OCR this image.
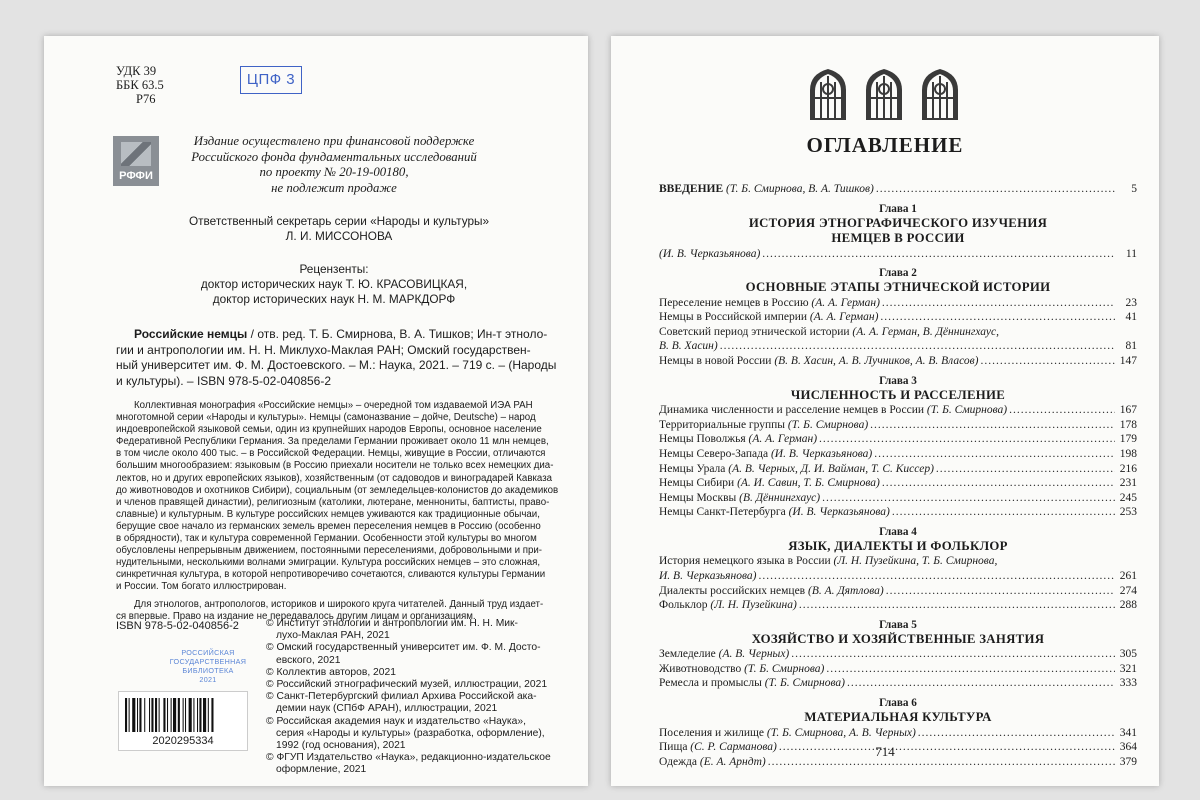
УДК 39
ББК 63.5
Р76
ЦПФ 3
РФФИ
Издание осуществлено при финансовой поддержке
Российского фонда фундаментальных исследований
по проекту № 20-19-00180,
не подлежит продаже
Ответственный секретарь серии «Народы и культуры»
Л. И. МИССОНОВА
Рецензенты:
доктор исторических наук Т. Ю. КРАСОВИЦКАЯ,
доктор исторических наук Н. М. МАРКДОРФ
Российские немцы / отв. ред. Т. Б. Смирнова, В. А. Тишков; Ин-т этноло-
гии и антропологии им. Н. Н. Миклухо-Маклая РАН; Омский государствен-
ный университет им. Ф. М. Достоевского. – М.: Наука, 2021. – 719 с. – (Народы
и культуры). – ISBN 978-5-02-040856-2
Коллективная монография «Российские немцы» – очередной том издаваемой ИЭА РАН
многотомной серии «Народы и культуры». Немцы (самоназвание – дойче, Deutsche) – народ
индоевропейской языковой семьи, один из крупнейших народов Европы, основное население
Федеративной Республики Германия. За пределами Германии проживает около 11 млн немцев,
в том числе около 400 тыс. – в Российской Федерации. Немцы, живущие в России, отличаются
большим многообразием: языковым (в Россию приехали носители не только всех немецких диа-
лектов, но и других европейских языков), хозяйственным (от садоводов и виноградарей Кавказа
до животноводов и охотников Сибири), социальным (от земледельцев-колонистов до академиков
и членов правящей династии), религиозным (католики, лютеране, меннониты, баптисты, право-
славные) и культурным. В культуре российских немцев уживаются как традиционные обычаи,
берущие свое начало из германских земель времен переселения немцев в Россию (особенно
в обрядности), так и культура современной Германии. Особенности этой культуры во многом
обусловлены непрерывным движением, постоянными переселениями, добровольными и при-
нудительными, несколькими волнами эмиграции. Культура российских немцев – это сложная,
синкретичная культура, в которой непротиворечиво сочетаются, сливаются культуры Германии
и России. Том богато иллюстрирован.
Для этнологов, антропологов, историков и широкого круга читателей. Данный труд издает-
ся впервые. Право на издание не передавалось другим лицам и организациям.
ISBN 978-5-02-040856-2
РОССИЙСКАЯ
ГОСУДАРСТВЕННАЯ
БИБЛИОТЕКА
2021
2020295334
© Институт этнологии и антропологии им. Н. Н. Мик-
лухо-Маклая РАН, 2021
© Омский государственный университет им. Ф. М. Досто-
евского, 2021
© Коллектив авторов, 2021
© Российский этнографический музей, иллюстрации, 2021
© Санкт-Петербургский филиал Архива Российской ака-
демии наук (СПбФ АРАН), иллюстрации, 2021
© Российская академия наук и издательство «Наука»,
серия «Народы и культуры» (разработка, оформление),
1992 (год основания), 2021
© ФГУП Издательство «Наука», редакционно-издательское
оформление, 2021
ОГЛАВЛЕНИЕ
ВВЕДЕНИЕ (Т. Б. Смирнова, В. А. Тишков) .....	5
Глава 1
ИСТОРИЯ ЭТНОГРАФИЧЕСКОГО ИЗУЧЕНИЯ
НЕМЦЕВ В РОССИИ
(И. В. Черказьянова) .....	11
Глава 2
ОСНОВНЫЕ ЭТАПЫ ЭТНИЧЕСКОЙ ИСТОРИИ
Переселение немцев в Россию (А. А. Герман) .....	23
Немцы в Российской империи (А. А. Герман) .....	41
Советский период этнической истории (А. А. Герман, В. Дённингхаус,
В. В. Хасин) .....	81
Немцы в новой России (В. В. Хасин, А. В. Лучников, А. В. Власов) .....	147
Глава 3
ЧИСЛЕННОСТЬ И РАССЕЛЕНИЕ
Динамика численности и расселение немцев в России (Т. Б. Смирнова) .....	167
Территориальные группы (Т. Б. Смирнова) .....	178
Немцы Поволжья (А. А. Герман) .....	179
Немцы Северо-Запада (И. В. Черказьянова) .....	198
Немцы Урала (А. В. Черных, Д. И. Вайман, Т. С. Киссер) .....	216
Немцы Сибири (А. И. Савин, Т. Б. Смирнова) .....	231
Немцы Москвы (В. Дённингхаус) .....	245
Немцы Санкт-Петербурга (И. В. Черказьянова) .....	253
Глава 4
ЯЗЫК, ДИАЛЕКТЫ И ФОЛЬКЛОР
История немецкого языка в России (Л. Н. Пузейкина, Т. Б. Смирнова,
И. В. Черказьянова) .....	261
Диалекты российских немцев (В. А. Дятлова) .....	274
Фольклор (Л. Н. Пузейкина) .....	288
Глава 5
ХОЗЯЙСТВО И ХОЗЯЙСТВЕННЫЕ ЗАНЯТИЯ
Земледелие (А. В. Черных) .....	305
Животноводство (Т. Б. Смирнова) .....	321
Ремесла и промыслы (Т. Б. Смирнова) .....	333
Глава 6
МАТЕРИАЛЬНАЯ КУЛЬТУРА
Поселения и жилище (Т. Б. Смирнова, А. В. Черных) .....	341
Пища (С. Р. Сарманова) .....	364
Одежда (Е. А. Арндт) .....	379
714
